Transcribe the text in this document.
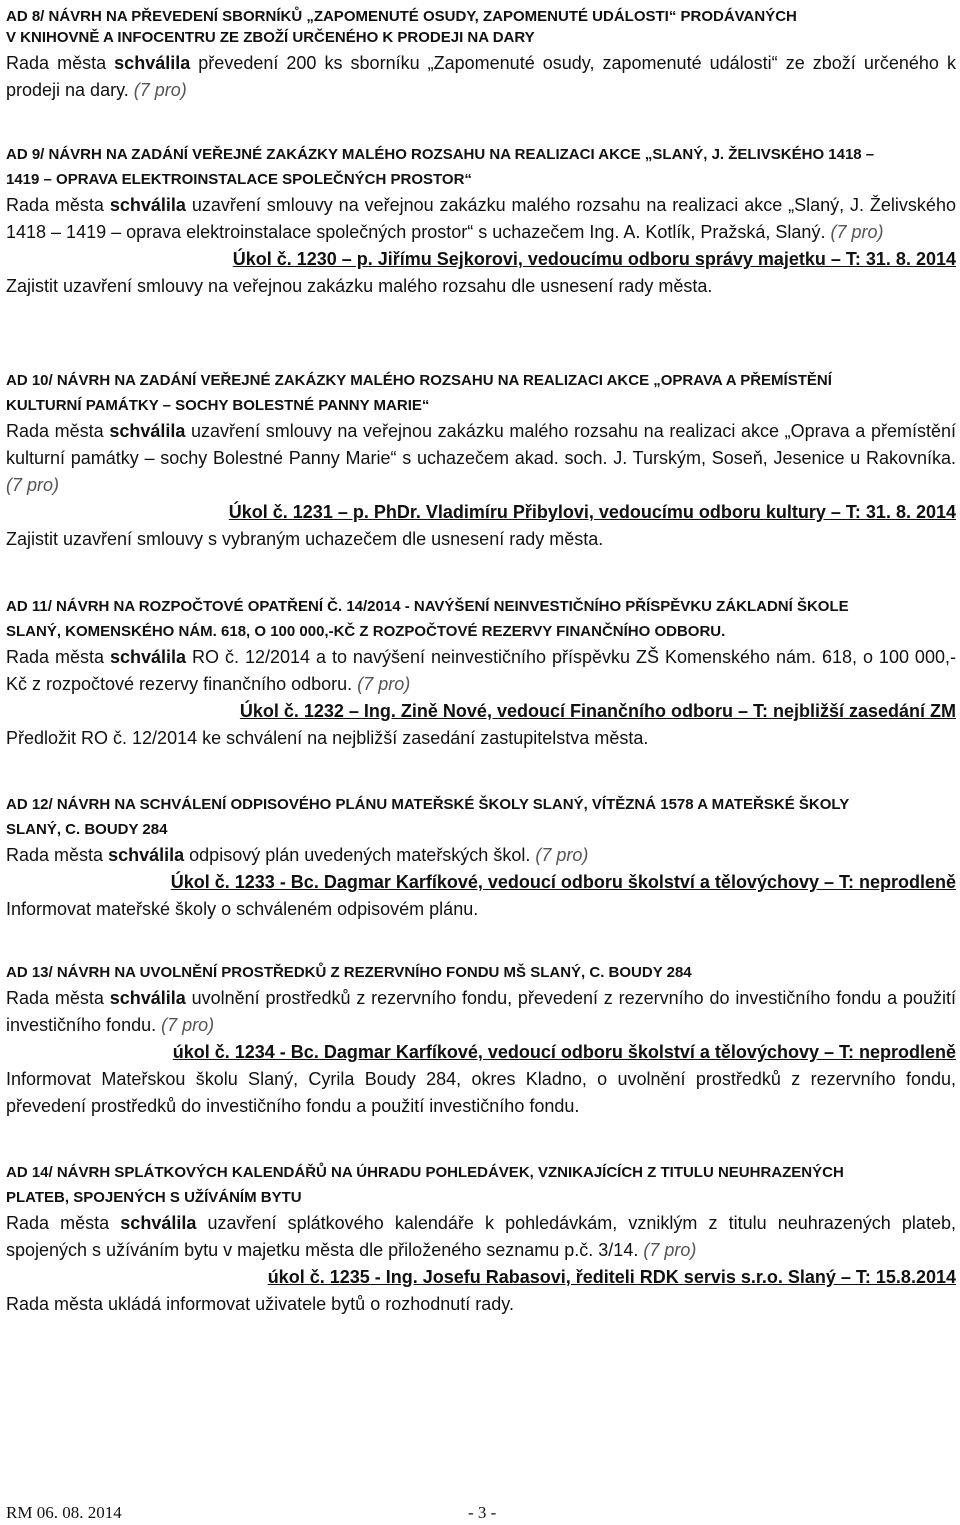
AD 8/ NÁVRH NA PŘEVEDENÍ SBORNÍKŮ „ZAPOMENUTÉ OSUDY, ZAPOMENUTÉ UDÁLOSTI“ PRODÁVANÝCH

V KNIHOVNĚ A INFOCENTRU ZE ZBOŽÍ URČENÉHO K PRODEJI NA DARY

Rada města schválila převedení 200 ks sborníku „Zapomenuté osudy, zapomenuté události“ ze zboží určeného k prodeji na dary. (7 pro)

AD 9/ NÁVRH NA ZADÁNÍ VEŘEJNÉ ZAKÁZKY MALÉHO ROZSAHU NA REALIZACI AKCE „SLANÝ, J. ŽELIVSKÉHO 1418 –

1419 – OPRAVA ELEKTROINSTALACE SPOLEČNÝCH PROSTOR“

Rada města schválila uzavření smlouvy na veřejnou zakázku malého rozsahu na realizaci akce „Slaný, J. Želivského 1418 – 1419 – oprava elektroinstalace společných prostor“ s uchazečem Ing. A. Kotlík, Pražská, Slaný. (7 pro)

Úkol č. 1230 – p. Jiřímu Sejkorovi, vedoucímu odboru správy majetku – T: 31. 8. 2014

Zajistit uzavření smlouvy na veřejnou zakázku malého rozsahu dle usnesení rady města.

AD 10/ NÁVRH NA ZADÁNÍ VEŘEJNÉ ZAKÁZKY MALÉHO ROZSAHU NA REALIZACI AKCE „OPRAVA A PŘEMÍSTĚNÍ

KULTURNÍ PAMÁTKY – SOCHY BOLESTNÉ PANNY MARIE“

Rada města schválila uzavření smlouvy na veřejnou zakázku malého rozsahu na realizaci akce „Oprava a přemístění kulturní památky – sochy Bolestné Panny Marie“ s uchazečem akad. soch. J. Turským, Soseň, Jesenice u Rakovníka. (7 pro)

Úkol č. 1231 – p. PhDr. Vladimíru Přibylovi, vedoucímu odboru kultury – T: 31. 8. 2014

Zajistit uzavření smlouvy s vybraným uchazečem dle usnesení rady města.

AD 11/ NÁVRH NA ROZPOČTOVÉ OPATŘENÍ Č. 14/2014 - NAVÝŠENÍ NEINVESTIČNÍHO PŘÍSPĚVKU ZÁKLADNÍ ŠKOLE

SLANÝ, KOMENSKÉHO NÁM. 618, O 100 000,-KČ Z ROZPOČTOVÉ REZERVY FINANČNÍHO ODBORU.

Rada města schválila RO č. 12/2014 a to navýšení neinvestičního příspěvku ZŠ Komenského nám. 618, o 100 000,- Kč z rozpočtové rezervy finančního odboru. (7 pro)

Úkol č. 1232 – Ing. Zině Nové, vedoucí Finančního odboru – T: nejbližší zasedání ZM

Předložit RO č. 12/2014 ke schválení na nejbližší zasedání zastupitelstva města.

AD 12/ NÁVRH NA SCHVÁLENÍ ODPISOVÉHO PLÁNU MATEŘSKÉ ŠKOLY SLANÝ, VÍTĚZNÁ 1578 A MATEŘSKÉ ŠKOLY

SLANÝ, C. BOUDY 284

Rada města schválila odpisový plán uvedených mateřských škol. (7 pro)

Úkol č. 1233 - Bc. Dagmar Karfíkové, vedoucí odboru školství a tělovýchovy – T: neprodleně

Informovat mateřské školy o schváleném odpisovém plánu.

AD 13/ NÁVRH NA UVOLNĚNÍ PROSTŘEDKŮ Z REZERVNÍHO FONDU MŠ SLANÝ, C. BOUDY 284

Rada města schválila uvolnění prostředků z rezervního fondu, převedení z rezervního do investičního fondu a použití investičního fondu. (7 pro)

úkol č. 1234 - Bc. Dagmar Karfíkové, vedoucí odboru školství a tělovýchovy – T: neprodleně

Informovat Mateřskou školu Slaný, Cyrila Boudy 284, okres Kladno, o uvolnění prostředků z rezervního fondu, převedení prostředků do investičního fondu a použití investičního fondu.

AD 14/ NÁVRH SPLÁTKOVÝCH KALENDÁŘŮ NA ÚHRADU POHLEDÁVEK, VZNIKAJÍCÍCH Z TITULU NEUHRAZENÝCH

PLATEB, SPOJENÝCH S UŽÍVÁNÍM BYTU

Rada města schválila uzavření splátkového kalendáře k pohledávkám, vzniklým z titulu neuhrazených plateb, spojených s užíváním bytu v majetku města dle přiloženého seznamu p.č. 3/14. (7 pro)

úkol č. 1235 - Ing. Josefu Rabasovi, řediteli RDK servis s.r.o. Slaný – T: 15.8.2014

Rada města ukládá informovat uživatele bytů o rozhodnutí rady.

RM 06. 08. 2014	- 3 -
